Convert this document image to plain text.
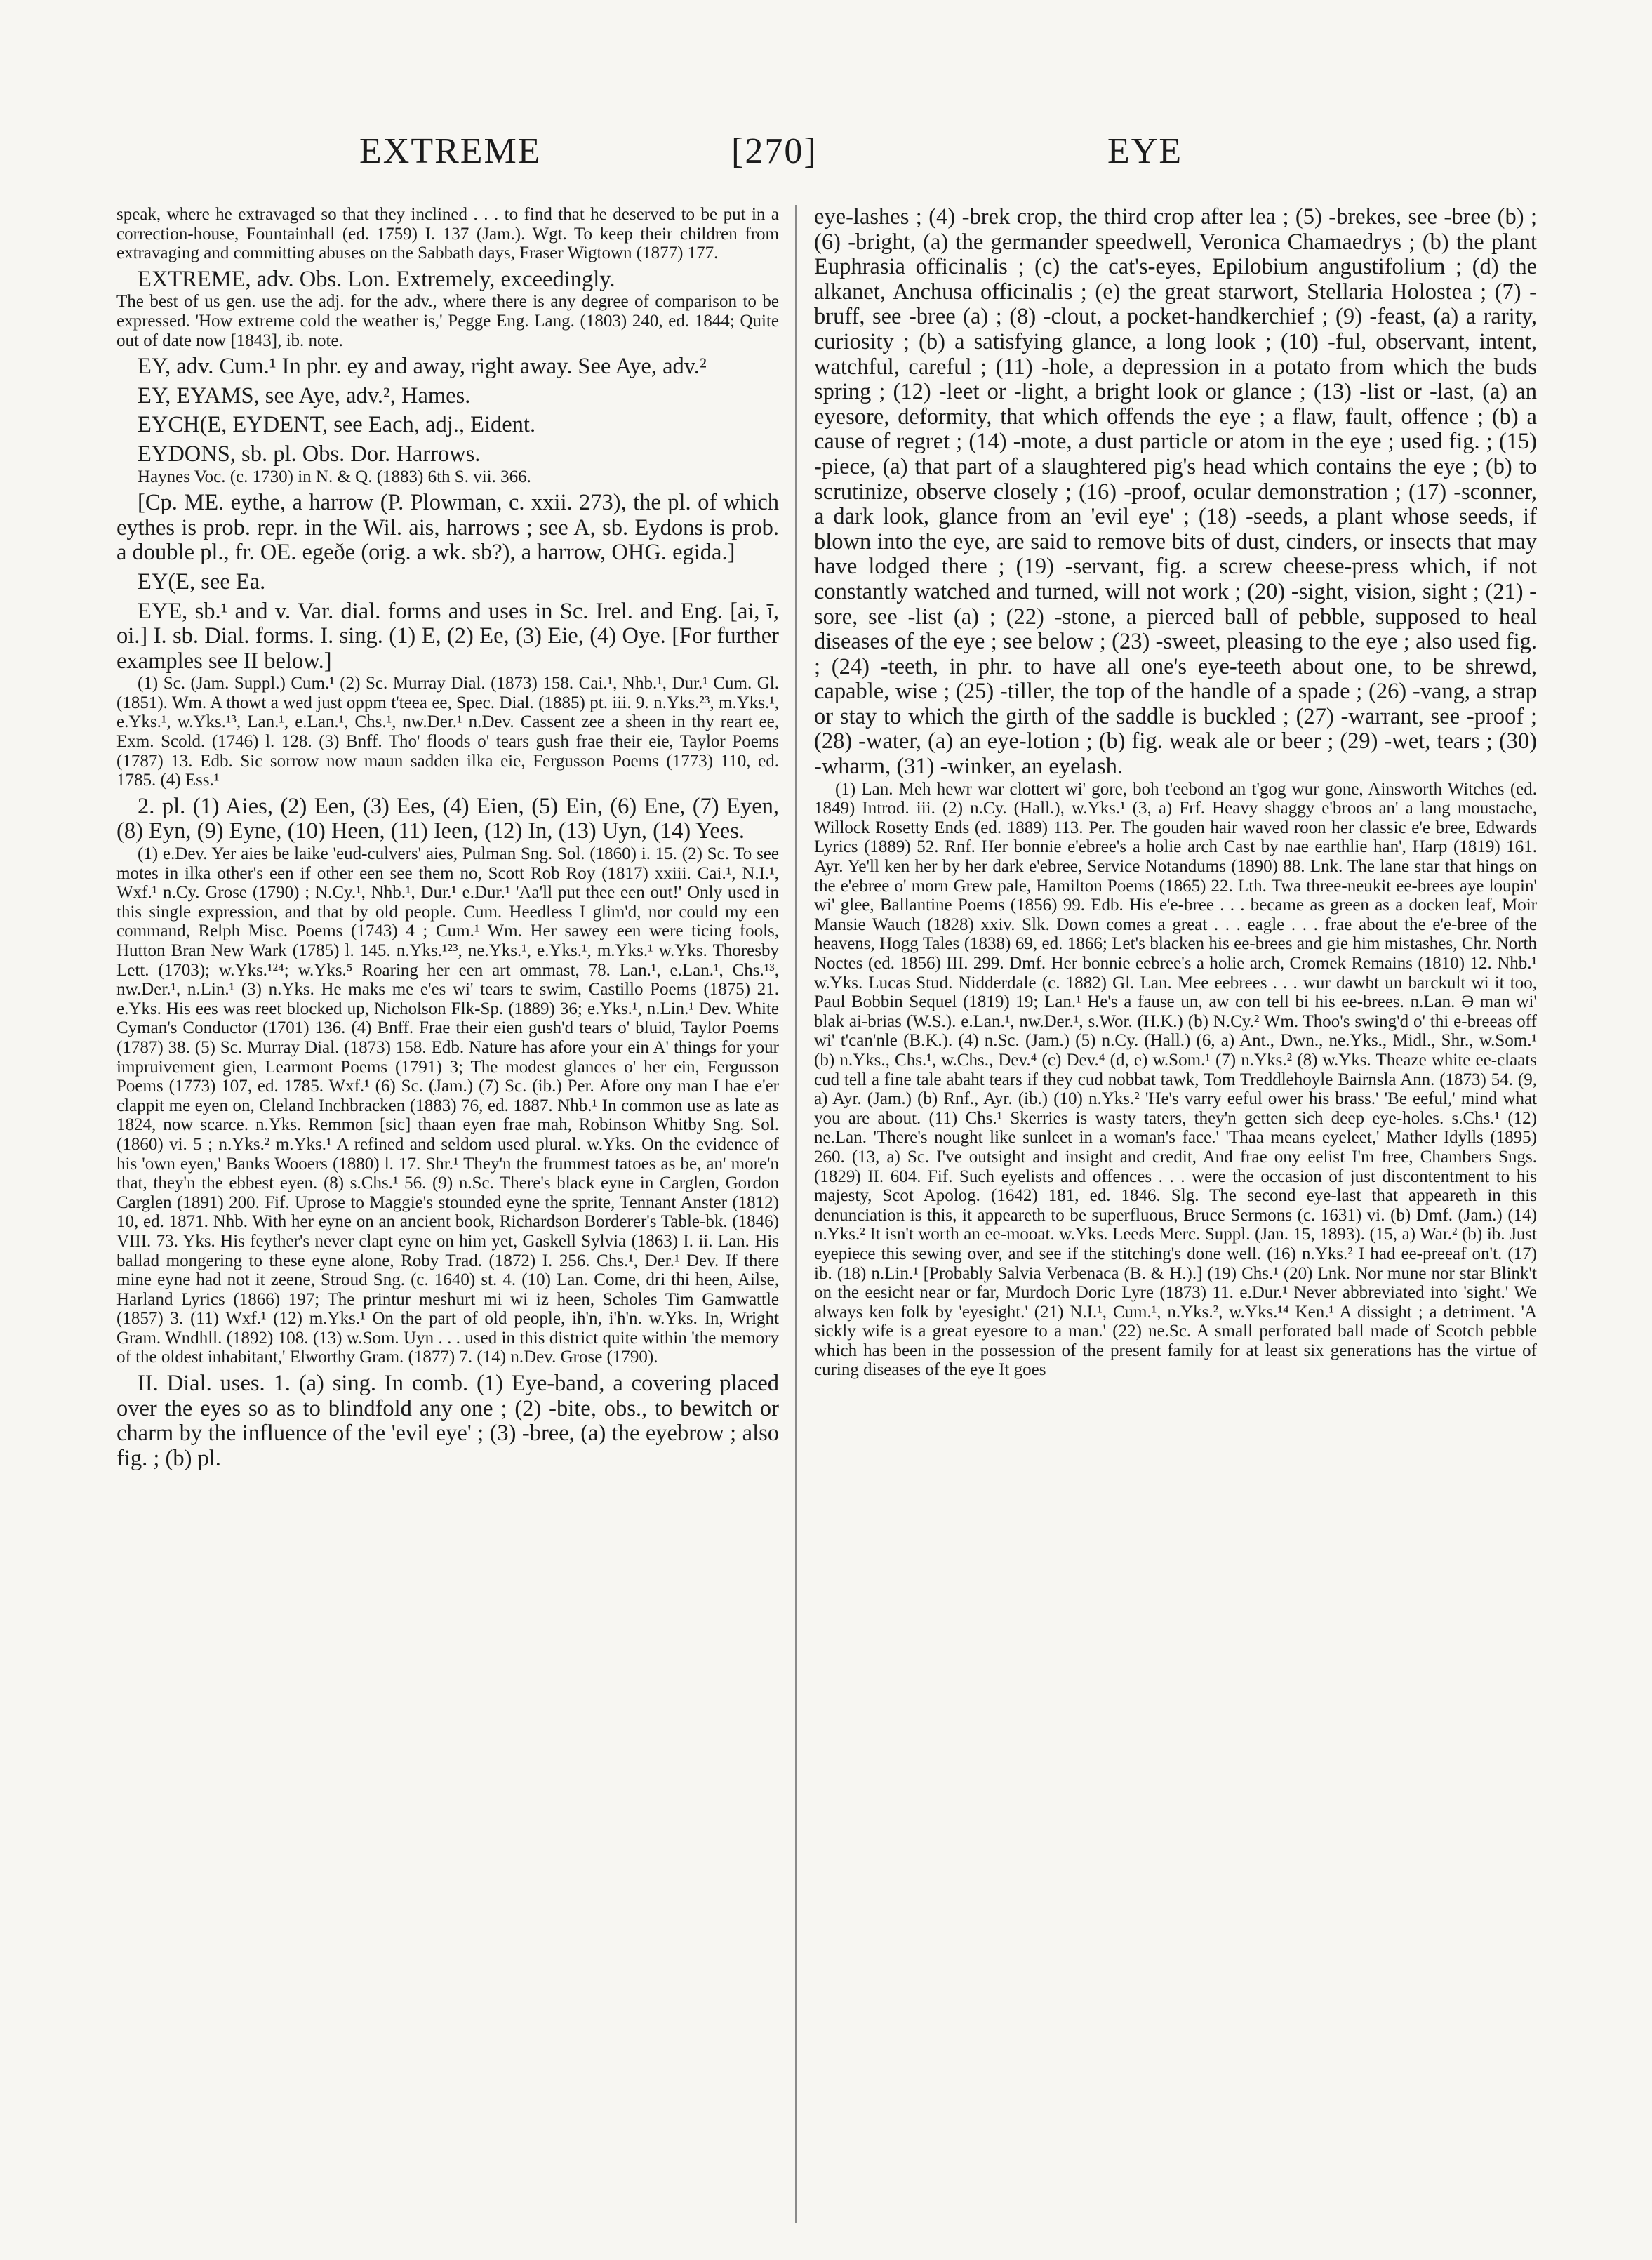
EXTREME	[270]	EYE

speak, where he extravaged so that they inclined . . . to find that he deserved to be put in a correction-house, Fountainhall (ed. 1759) I. 137 (Jam.). Wgt. To keep their children from extravaging and committing abuses on the Sabbath days, Fraser Wigtown (1877) 177.

EXTREME, adv. Obs. Lon. Extremely, exceedingly.

The best of us gen. use the adj. for the adv., where there is any degree of comparison to be expressed. 'How extreme cold the weather is,' Pegge Eng. Lang. (1803) 240, ed. 1844; Quite out of date now [1843], ib. note.

EY, adv. Cum.¹ In phr. ey and away, right away. See Aye, adv.²

EY, EYAMS, see Aye, adv.², Hames.

EYCH(E, EYDENT, see Each, adj., Eident.

EYDONS, sb. pl. Obs. Dor. Harrows.

Haynes Voc. (c. 1730) in N. & Q. (1883) 6th S. vii. 366.

[Cp. ME. eythe, a harrow (P. Plowman, c. xxii. 273), the pl. of which eythes is prob. repr. in the Wil. ais, harrows ; see A, sb. Eydons is prob. a double pl., fr. OE. egeðe (orig. a wk. sb?), a harrow, OHG. egida.]

EY(E, see Ea.

EYE, sb.¹ and v. Var. dial. forms and uses in Sc. Irel. and Eng. [ai, ī, oi.] I. sb. Dial. forms. I. sing. (1) E, (2) Ee, (3) Eie, (4) Oye. [For further examples see II below.]

(1) Sc. (Jam. Suppl.) Cum.¹ (2) Sc. Murray Dial. (1873) 158. Cai.¹, Nhb.¹, Dur.¹ Cum. Gl. (1851). Wm. A thowt a wed just oppm t'teea ee, Spec. Dial. (1885) pt. iii. 9. n.Yks.²³, m.Yks.¹, e.Yks.¹, w.Yks.¹³, Lan.¹, e.Lan.¹, Chs.¹, nw.Der.¹ n.Dev. Cassent zee a sheen in thy reart ee, Exm. Scold. (1746) l. 128. (3) Bnff. Tho' floods o' tears gush frae their eie, Taylor Poems (1787) 13. Edb. Sic sorrow now maun sadden ilka eie, Fergusson Poems (1773) 110, ed. 1785. (4) Ess.¹

2. pl. (1) Aies, (2) Een, (3) Ees, (4) Eien, (5) Ein, (6) Ene, (7) Eyen, (8) Eyn, (9) Eyne, (10) Heen, (11) Ieen, (12) In, (13) Uyn, (14) Yees.

(1) e.Dev. Yer aies be laike 'eud-culvers' aies, Pulman Sng. Sol. (1860) i. 15. (2) Sc. To see motes in ilka other's een if other een see them no, Scott Rob Roy (1817) xxiii. Cai.¹, N.I.¹, Wxf.¹ n.Cy. Grose (1790) ; N.Cy.¹, Nhb.¹, Dur.¹ e.Dur.¹ 'Aa'll put thee een out!' Only used in this single expression, and that by old people. Cum. Heedless I glim'd, nor could my een command, Relph Misc. Poems (1743) 4 ; Cum.¹ Wm. Her sawey een were ticing fools, Hutton Bran New Wark (1785) l. 145. n.Yks.¹²³, ne.Yks.¹, e.Yks.¹, m.Yks.¹ w.Yks. Thoresby Lett. (1703); w.Yks.¹²⁴; w.Yks.⁵ Roaring her een art ommast, 78. Lan.¹, e.Lan.¹, Chs.¹³, nw.Der.¹, n.Lin.¹ (3) n.Yks. He maks me e'es wi' tears te swim, Castillo Poems (1875) 21. e.Yks. His ees was reet blocked up, Nicholson Flk-Sp. (1889) 36; e.Yks.¹, n.Lin.¹ Dev. White Cyman's Conductor (1701) 136. (4) Bnff. Frae their eien gush'd tears o' bluid, Taylor Poems (1787) 38. (5) Sc. Murray Dial. (1873) 158. Edb. Nature has afore your ein A' things for your impruivement gien, Learmont Poems (1791) 3; The modest glances o' her ein, Fergusson Poems (1773) 107, ed. 1785. Wxf.¹ (6) Sc. (Jam.) (7) Sc. (ib.) Per. Afore ony man I hae e'er clappit me eyen on, Cleland Inchbracken (1883) 76, ed. 1887. Nhb.¹ In common use as late as 1824, now scarce. n.Yks. Remmon [sic] thaan eyen frae mah, Robinson Whitby Sng. Sol. (1860) vi. 5 ; n.Yks.² m.Yks.¹ A refined and seldom used plural. w.Yks. On the evidence of his 'own eyen,' Banks Wooers (1880) l. 17. Shr.¹ They'n the frummest tatoes as be, an' more'n that, they'n the ebbest eyen. (8) s.Chs.¹ 56. (9) n.Sc. There's black eyne in Carglen, Gordon Carglen (1891) 200. Fif. Uprose to Maggie's stounded eyne the sprite, Tennant Anster (1812) 10, ed. 1871. Nhb. With her eyne on an ancient book, Richardson Borderer's Table-bk. (1846) VIII. 73. Yks. His feyther's never clapt eyne on him yet, Gaskell Sylvia (1863) I. ii. Lan. His ballad mongering to these eyne alone, Roby Trad. (1872) I. 256. Chs.¹, Der.¹ Dev. If there mine eyne had not it zeene, Stroud Sng. (c. 1640) st. 4. (10) Lan. Come, dri thi heen, Ailse, Harland Lyrics (1866) 197; The printur meshurt mi wi iz heen, Scholes Tim Gamwattle (1857) 3. (11) Wxf.¹ (12) m.Yks.¹ On the part of old people, ih'n, i'h'n. w.Yks. In, Wright Gram. Wndhll. (1892) 108. (13) w.Som. Uyn . . . used in this district quite within 'the memory of the oldest inhabitant,' Elworthy Gram. (1877) 7. (14) n.Dev. Grose (1790).

II. Dial. uses. 1. (a) sing. In comb. (1) Eye-band, a covering placed over the eyes so as to blindfold any one ; (2) -bite, obs., to bewitch or charm by the influence of the 'evil eye' ; (3) -bree, (a) the eyebrow ; also fig. ; (b) pl.

eye-lashes ; (4) -brek crop, the third crop after lea ; (5) -brekes, see -bree (b) ; (6) -bright, (a) the germander speedwell, Veronica Chamaedrys ; (b) the plant Euphrasia officinalis ; (c) the cat's-eyes, Epilobium angustifolium ; (d) the alkanet, Anchusa officinalis ; (e) the great starwort, Stellaria Holostea ; (7) -bruff, see -bree (a) ; (8) -clout, a pocket-handkerchief ; (9) -feast, (a) a rarity, curiosity ; (b) a satisfying glance, a long look ; (10) -ful, observant, intent, watchful, careful ; (11) -hole, a depression in a potato from which the buds spring ; (12) -leet or -light, a bright look or glance ; (13) -list or -last, (a) an eyesore, deformity, that which offends the eye ; a flaw, fault, offence ; (b) a cause of regret ; (14) -mote, a dust particle or atom in the eye ; used fig. ; (15) -piece, (a) that part of a slaughtered pig's head which contains the eye ; (b) to scrutinize, observe closely ; (16) -proof, ocular demonstration ; (17) -sconner, a dark look, glance from an 'evil eye' ; (18) -seeds, a plant whose seeds, if blown into the eye, are said to remove bits of dust, cinders, or insects that may have lodged there ; (19) -servant, fig. a screw cheese-press which, if not constantly watched and turned, will not work ; (20) -sight, vision, sight ; (21) -sore, see -list (a) ; (22) -stone, a pierced ball of pebble, supposed to heal diseases of the eye ; see below ; (23) -sweet, pleasing to the eye ; also used fig. ; (24) -teeth, in phr. to have all one's eye-teeth about one, to be shrewd, capable, wise ; (25) -tiller, the top of the handle of a spade ; (26) -vang, a strap or stay to which the girth of the saddle is buckled ; (27) -warrant, see -proof ; (28) -water, (a) an eye-lotion ; (b) fig. weak ale or beer ; (29) -wet, tears ; (30) -wharm, (31) -winker, an eyelash.

(1) Lan. Meh hewr war clottert wi' gore, boh t'eebond an t'gog wur gone, Ainsworth Witches (ed. 1849) Introd. iii. (2) n.Cy. (Hall.), w.Yks.¹ (3, a) Frf. Heavy shaggy e'broos an' a lang moustache, Willock Rosetty Ends (ed. 1889) 113. Per. The gouden hair waved roon her classic e'e bree, Edwards Lyrics (1889) 52. Rnf. Her bonnie e'ebree's a holie arch Cast by nae earthlie han', Harp (1819) 161. Ayr. Ye'll ken her by her dark e'ebree, Service Notandums (1890) 88. Lnk. The lane star that hings on the e'ebree o' morn Grew pale, Hamilton Poems (1865) 22. Lth. Twa three-neukit ee-brees aye loupin' wi' glee, Ballantine Poems (1856) 99. Edb. His e'e-bree . . . became as green as a docken leaf, Moir Mansie Wauch (1828) xxiv. Slk. Down comes a great . . . eagle . . . frae about the e'e-bree of the heavens, Hogg Tales (1838) 69, ed. 1866; Let's blacken his ee-brees and gie him mistashes, Chr. North Noctes (ed. 1856) III. 299. Dmf. Her bonnie eebree's a holie arch, Cromek Remains (1810) 12. Nhb.¹ w.Yks. Lucas Stud. Nidderdale (c. 1882) Gl. Lan. Mee eebrees . . . wur dawbt un barckult wi it too, Paul Bobbin Sequel (1819) 19; Lan.¹ He's a fause un, aw con tell bi his ee-brees. n.Lan. Ə man wi' blak ai-brias (W.S.). e.Lan.¹, nw.Der.¹, s.Wor. (H.K.) (b) N.Cy.² Wm. Thoo's swing'd o' thi e-breeas off wi' t'can'nle (B.K.). (4) n.Sc. (Jam.) (5) n.Cy. (Hall.) (6, a) Ant., Dwn., ne.Yks., Midl., Shr., w.Som.¹ (b) n.Yks., Chs.¹, w.Chs., Dev.⁴ (c) Dev.⁴ (d, e) w.Som.¹ (7) n.Yks.² (8) w.Yks. Theaze white ee-claats cud tell a fine tale abaht tears if they cud nobbat tawk, Tom Treddlehoyle Bairnsla Ann. (1873) 54. (9, a) Ayr. (Jam.) (b) Rnf., Ayr. (ib.) (10) n.Yks.² 'He's varry eeful ower his brass.' 'Be eeful,' mind what you are about. (11) Chs.¹ Skerries is wasty taters, they'n getten sich deep eye-holes. s.Chs.¹ (12) ne.Lan. 'There's nought like sunleet in a woman's face.' 'Thaa means eyeleet,' Mather Idylls (1895) 260. (13, a) Sc. I've outsight and insight and credit, And frae ony eelist I'm free, Chambers Sngs. (1829) II. 604. Fif. Such eyelists and offences . . . were the occasion of just discontentment to his majesty, Scot Apolog. (1642) 181, ed. 1846. Slg. The second eye-last that appeareth in this denunciation is this, it appeareth to be superfluous, Bruce Sermons (c. 1631) vi. (b) Dmf. (Jam.) (14) n.Yks.² It isn't worth an ee-mooat. w.Yks. Leeds Merc. Suppl. (Jan. 15, 1893). (15, a) War.² (b) ib. Just eyepiece this sewing over, and see if the stitching's done well. (16) n.Yks.² I had ee-preeaf on't. (17) ib. (18) n.Lin.¹ [Probably Salvia Verbenaca (B. & H.).] (19) Chs.¹ (20) Lnk. Nor mune nor star Blink't on the eesicht near or far, Murdoch Doric Lyre (1873) 11. e.Dur.¹ Never abbreviated into 'sight.' We always ken folk by 'eyesight.' (21) N.I.¹, Cum.¹, n.Yks.², w.Yks.¹⁴ Ken.¹ A dissight ; a detriment. 'A sickly wife is a great eyesore to a man.' (22) ne.Sc. A small perforated ball made of Scotch pebble which has been in the possession of the present family for at least six generations has the virtue of curing diseases of the eye It goes
